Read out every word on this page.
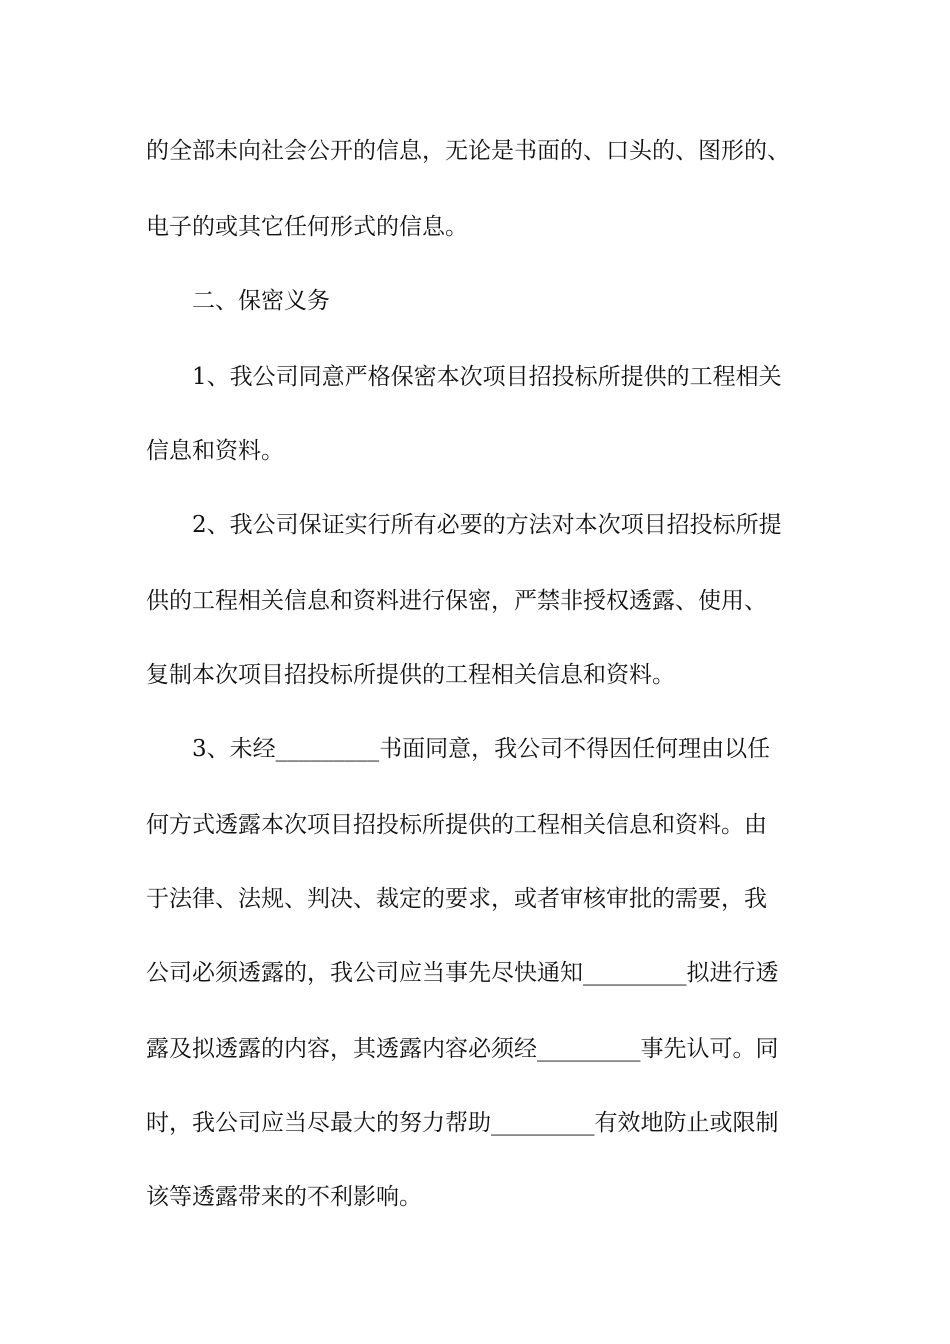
的全部未向社会公开的信息，无论是书面的、口头的、图形的、
电子的或其它任何形式的信息。
二、保密义务
1、我公司同意严格保密本次项目招投标所提供的工程相关
信息和资料。
2、我公司保证实行所有必要的方法对本次项目招投标所提
供的工程相关信息和资料进行保密，严禁非授权透露、使用、
复制本次项目招投标所提供的工程相关信息和资料。
3、未经_________书面同意，我公司不得因任何理由以任
何方式透露本次项目招投标所提供的工程相关信息和资料。由
于法律、法规、判决、裁定的要求，或者审核审批的需要，我
公司必须透露的，我公司应当事先尽快通知_________拟进行透
露及拟透露的内容，其透露内容必须经_________事先认可。同
时，我公司应当尽最大的努力帮助_________有效地防止或限制
该等透露带来的不利影响。
